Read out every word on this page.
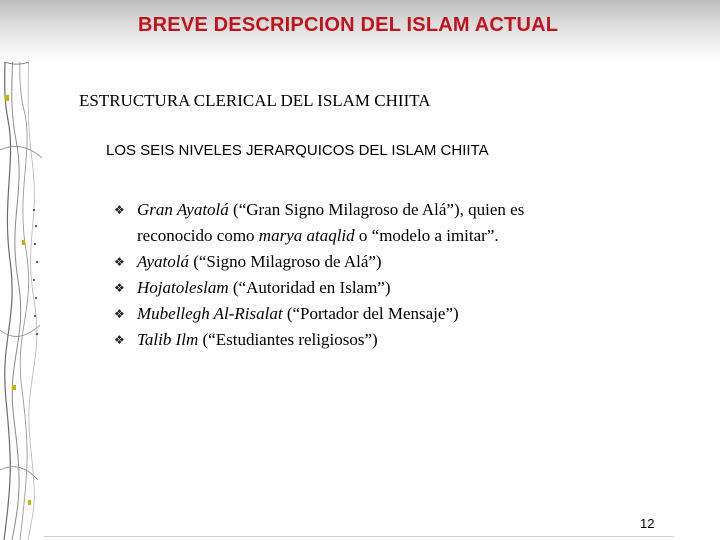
BREVE DESCRIPCION DEL ISLAM ACTUAL
ESTRUCTURA CLERICAL DEL ISLAM CHIITA
LOS SEIS NIVELES JERARQUICOS DEL ISLAM CHIITA
❖ Gran Ayatolá (“Gran Signo Milagroso de Alá”), quien es
reconocido como marya ataqlid o “modelo a imitar”.
❖ Ayatolá (“Signo Milagroso de Alá”)
❖ Hojatoleslam (“Autoridad en Islam”)
❖ Mubellegh Al-Risalat (“Portador del Mensaje”)
❖ Talib Ilm (“Estudiantes religiosos”)
12
